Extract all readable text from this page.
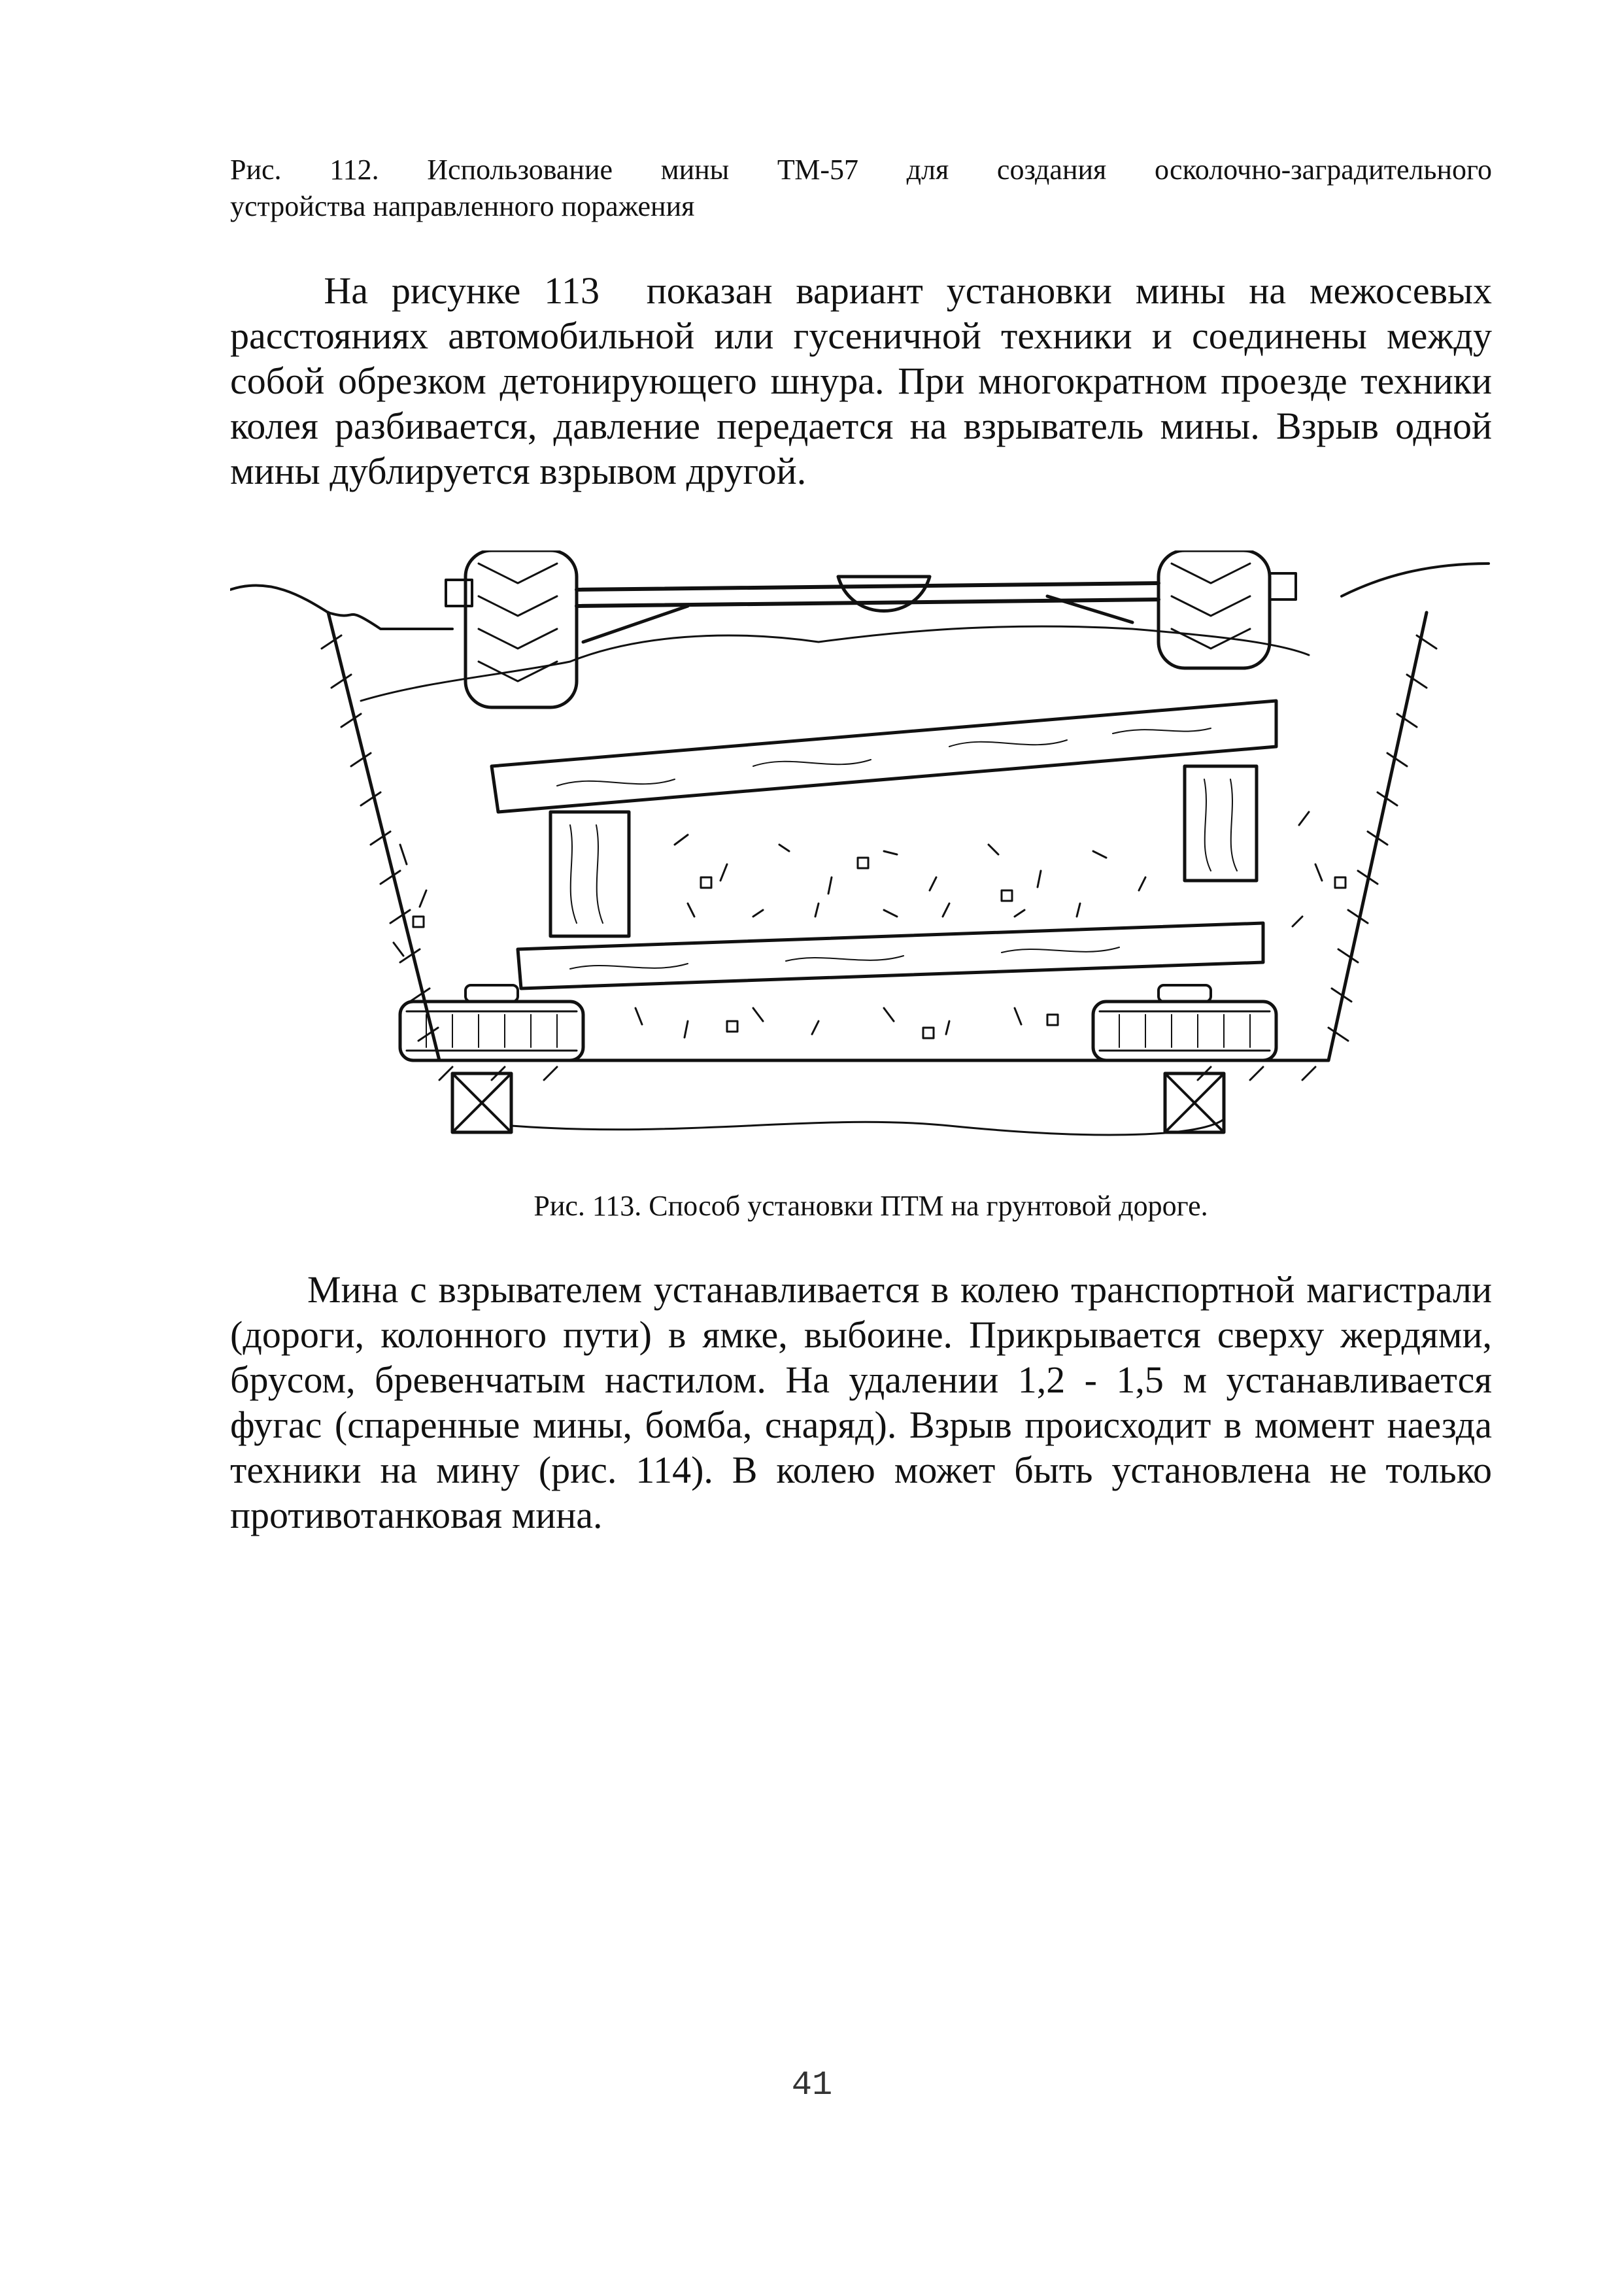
Рис. 112. Использование мины ТМ-57 для создания осколочно-заградительного
устройства направленного поражения
На рисунке 113  показан вариант установки мины на межосевых
расстояниях автомобильной или гусеничной техники и соединены между
собой обрезком детонирующего шнура. При многократном проезде техники
колея разбивается, давление передается на взрыватель мины. Взрыв одной
мины дублируется взрывом другой.
Рис. 113. Способ установки ПТМ на грунтовой дороге.
Мина с взрывателем устанавливается в колею транспортной магистрали
(дороги, колонного пути) в ямке, выбоине. Прикрывается сверху жердями,
брусом, бревенчатым настилом. На удалении 1,2 - 1,5 м устанавливается
фугас (спаренные мины, бомба, снаряд). Взрыв происходит в момент наезда
техники на мину (рис. 114). В колею может быть установлена не только
противотанковая мина.
41
